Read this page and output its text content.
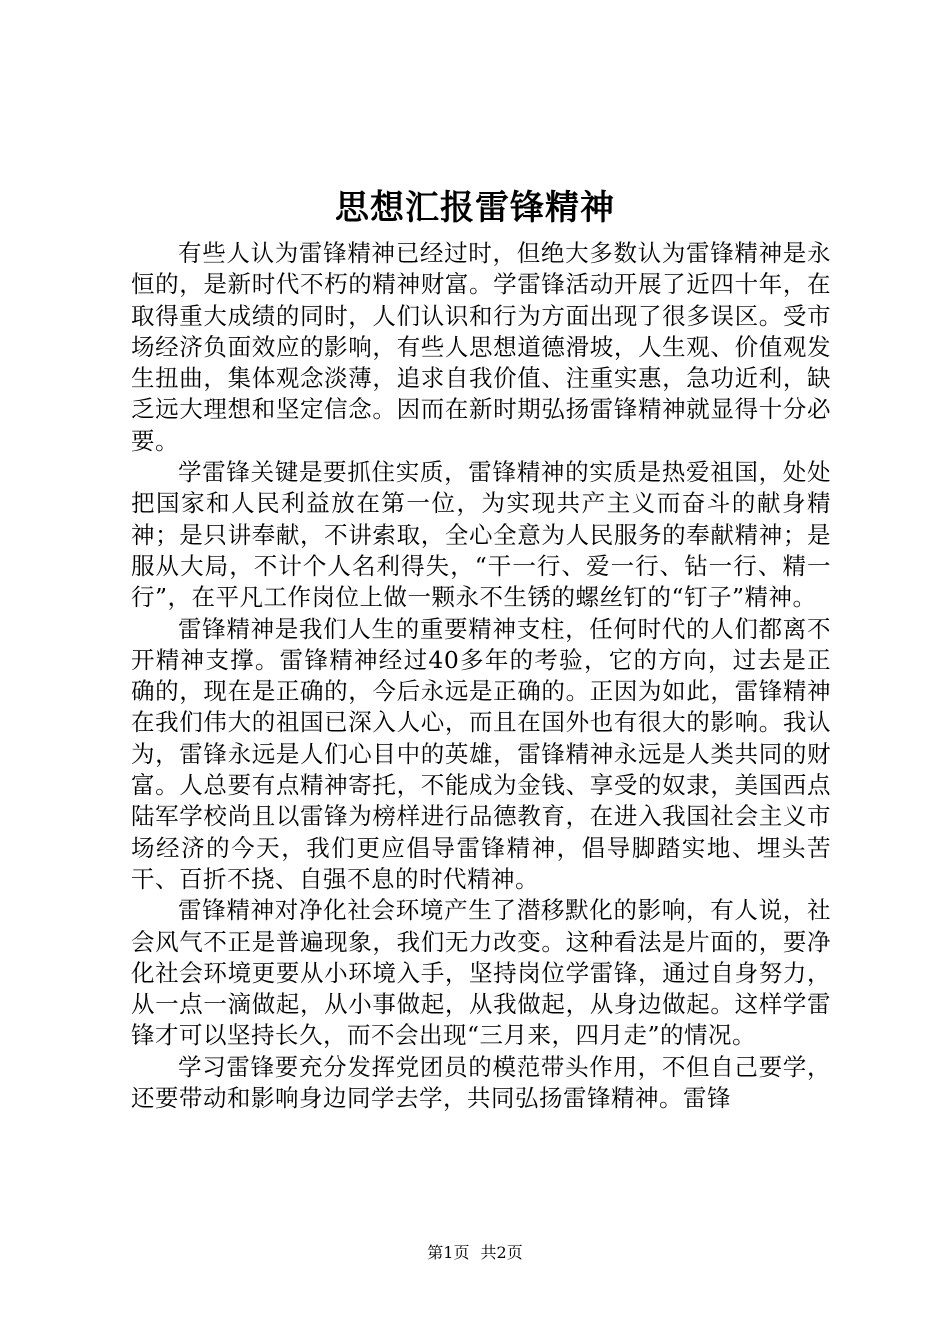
思想汇报雷锋精神

有些人认为雷锋精神已经过时，但绝大多数认为雷锋精神是永恒的，是新时代不朽的精神财富。学雷锋活动开展了近四十年，在取得重大成绩的同时，人们认识和行为方面出现了很多误区。受市场经济负面效应的影响，有些人思想道德滑坡，人生观、价值观发生扭曲，集体观念淡薄，追求自我价值、注重实惠，急功近利，缺乏远大理想和坚定信念。因而在新时期弘扬雷锋精神就显得十分必要。

学雷锋关键是要抓住实质，雷锋精神的实质是热爱祖国，处处把国家和人民利益放在第一位，为实现共产主义而奋斗的献身精神；是只讲奉献，不讲索取，全心全意为人民服务的奉献精神；是服从大局，不计个人名利得失，“干一行、爱一行、钻一行、精一行”，在平凡工作岗位上做一颗永不生锈的螺丝钉的“钉子”精神。

雷锋精神是我们人生的重要精神支柱，任何时代的人们都离不开精神支撑。雷锋精神经过40多年的考验，它的方向，过去是正确的，现在是正确的，今后永远是正确的。正因为如此，雷锋精神在我们伟大的祖国已深入人心，而且在国外也有很大的影响。我认为，雷锋永远是人们心目中的英雄，雷锋精神永远是人类共同的财富。人总要有点精神寄托，不能成为金钱、享受的奴隶，美国西点陆军学校尚且以雷锋为榜样进行品德教育，在进入我国社会主义市场经济的今天，我们更应倡导雷锋精神，倡导脚踏实地、埋头苦干、百折不挠、自强不息的时代精神。

雷锋精神对净化社会环境产生了潜移默化的影响，有人说，社会风气不正是普遍现象，我们无力改变。这种看法是片面的，要净化社会环境更要从小环境入手，坚持岗位学雷锋，通过自身努力，从一点一滴做起，从小事做起，从我做起，从身边做起。这样学雷锋才可以坚持长久，而不会出现“三月来，四月走”的情况。

学习雷锋要充分发挥党团员的模范带头作用，不但自己要学，还要带动和影响身边同学去学，共同弘扬雷锋精神。雷锋

第1页 共2页
